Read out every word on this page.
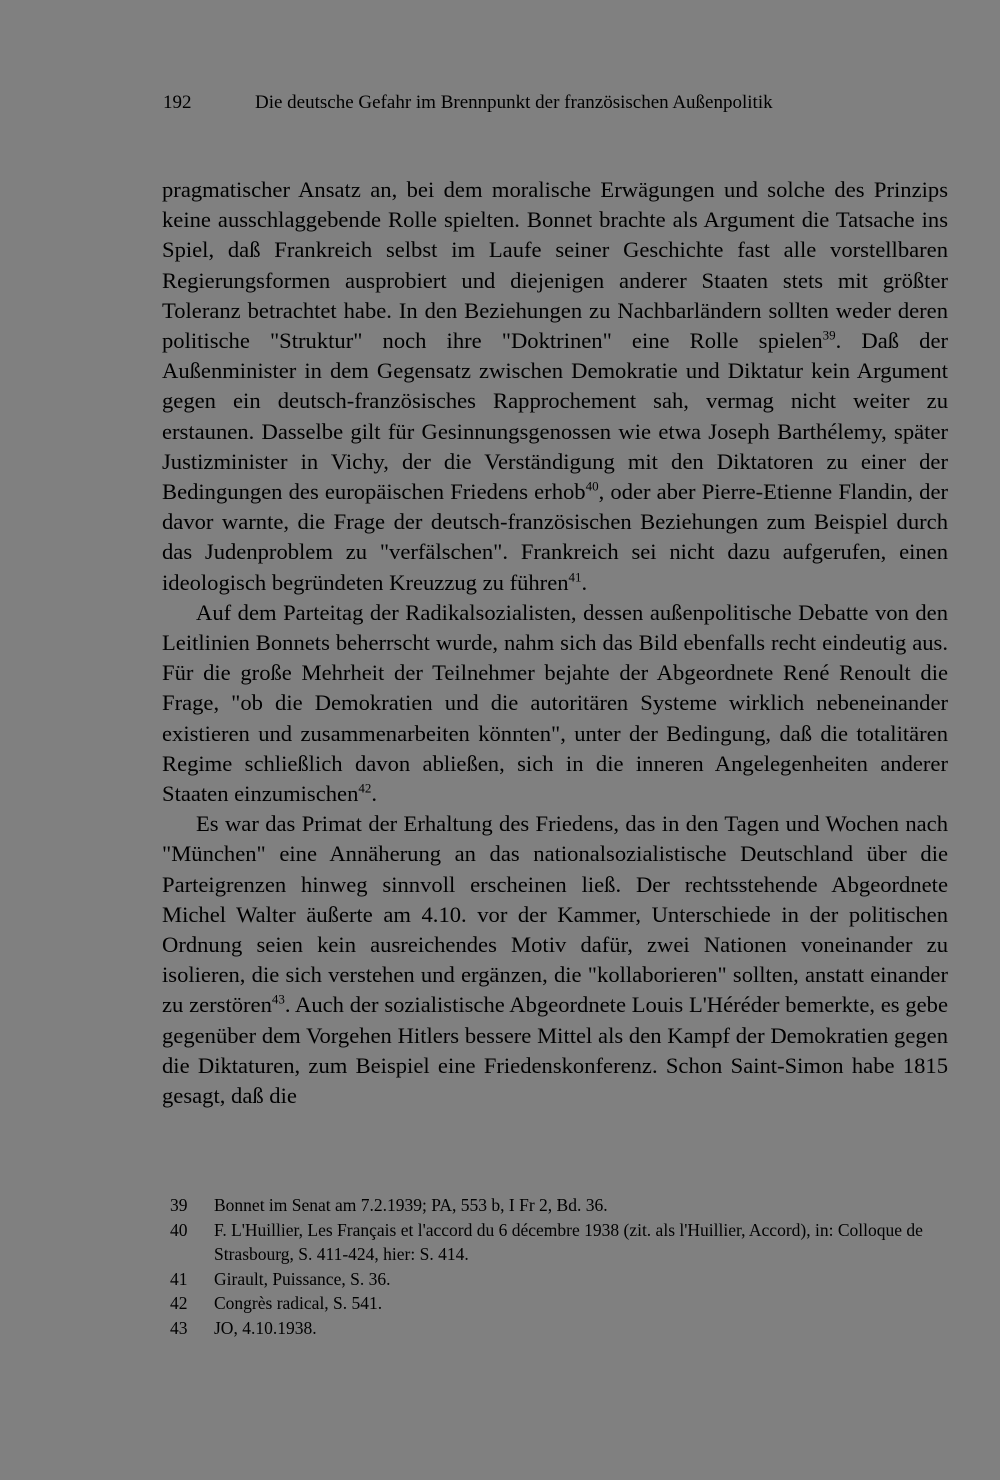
192	Die deutsche Gefahr im Brennpunkt der französischen Außenpolitik

pragmatischer Ansatz an, bei dem moralische Erwägungen und solche des Prinzips keine ausschlaggebende Rolle spielten. Bonnet brachte als Argument die Tatsache ins Spiel, daß Frankreich selbst im Laufe seiner Geschichte fast alle vorstellbaren Regierungsformen ausprobiert und diejenigen anderer Staaten stets mit größter Toleranz betrachtet habe. In den Beziehungen zu Nachbarländern sollten weder deren politische "Struktur" noch ihre "Doktrinen" eine Rolle spielen$^{39}$. Daß der Außenminister in dem Gegensatz zwischen Demokratie und Diktatur kein Argument gegen ein deutsch-französisches Rapprochement sah, vermag nicht weiter zu erstaunen. Dasselbe gilt für Gesinnungsgenossen wie etwa Joseph Barthélemy, später Justizminister in Vichy, der die Verständigung mit den Diktatoren zu einer der Bedingungen des europäischen Friedens erhob$^{40}$, oder aber Pierre-Etienne Flandin, der davor warnte, die Frage der deutsch-französischen Beziehungen zum Beispiel durch das Judenproblem zu "verfälschen". Frankreich sei nicht dazu aufgerufen, einen ideologisch begründeten Kreuzzug zu führen$^{41}$.

Auf dem Parteitag der Radikalsozialisten, dessen außenpolitische Debatte von den Leitlinien Bonnets beherrscht wurde, nahm sich das Bild ebenfalls recht eindeutig aus. Für die große Mehrheit der Teilnehmer bejahte der Abgeordnete René Renoult die Frage, "ob die Demokratien und die autoritären Systeme wirklich nebeneinander existieren und zusammenarbeiten könnten", unter der Bedingung, daß die totalitären Regime schließlich davon abließen, sich in die inneren Angelegenheiten anderer Staaten einzumischen$^{42}$.

Es war das Primat der Erhaltung des Friedens, das in den Tagen und Wochen nach "München" eine Annäherung an das nationalsozialistische Deutschland über die Parteigrenzen hinweg sinnvoll erscheinen ließ. Der rechtsstehende Abgeordnete Michel Walter äußerte am 4.10. vor der Kammer, Unterschiede in der politischen Ordnung seien kein ausreichendes Motiv dafür, zwei Nationen voneinander zu isolieren, die sich verstehen und ergänzen, die "kollaborieren" sollten, anstatt einander zu zerstören$^{43}$. Auch der sozialistische Abgeordnete Louis L'Héréder bemerkte, es gebe gegenüber dem Vorgehen Hitlers bessere Mittel als den Kampf der Demokratien gegen die Diktaturen, zum Beispiel eine Friedenskonferenz. Schon Saint-Simon habe 1815 gesagt, daß die

39	Bonnet im Senat am 7.2.1939; PA, 553 b, I Fr 2, Bd. 36.
40	F. L'Huillier, Les Français et l'accord du 6 décembre 1938 (zit. als l'Huillier, Accord), in: Colloque de Strasbourg, S. 411-424, hier: S. 414.
41	Girault, Puissance, S. 36.
42	Congrès radical, S. 541.
43	JO, 4.10.1938.
